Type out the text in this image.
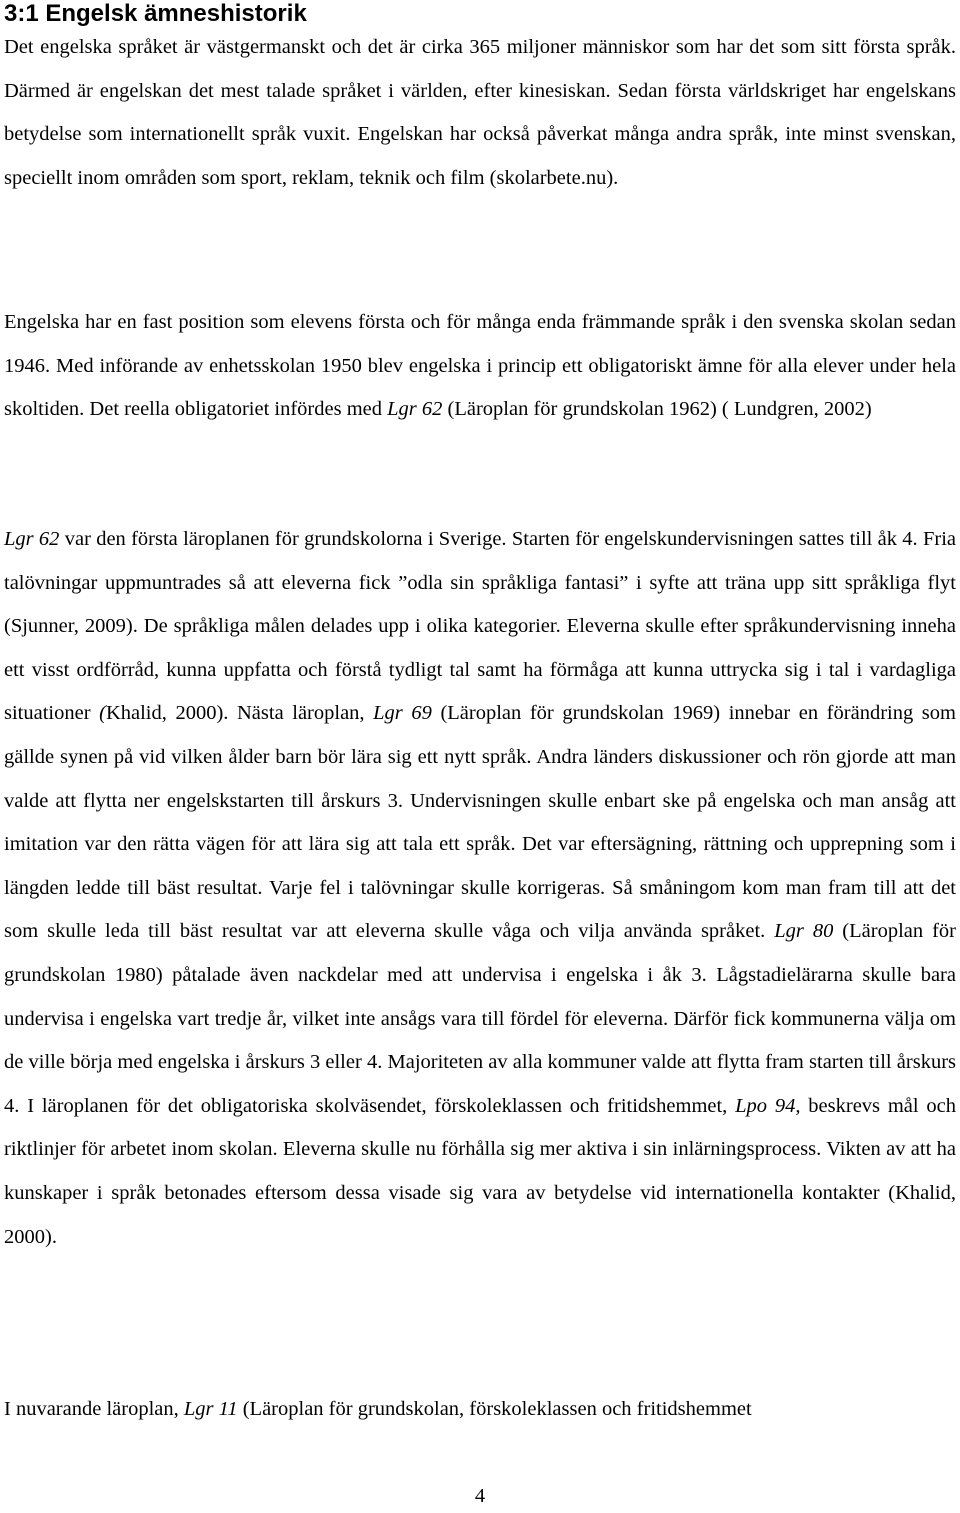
3:1 Engelsk ämneshistorik

Det engelska språket är västgermanskt och det är cirka 365 miljoner människor som har det som sitt första språk. Därmed är engelskan det mest talade språket i världen, efter kinesiskan. Sedan första världskriget har engelskans betydelse som internationellt språk vuxit. Engelskan har också påverkat många andra språk, inte minst svenskan, speciellt inom områden som sport, reklam, teknik och film (skolarbete.nu).

Engelska har en fast position som elevens första och för många enda främmande språk i den svenska skolan sedan 1946. Med införande av enhetsskolan 1950 blev engelska i princip ett obligatoriskt ämne för alla elever under hela skoltiden. Det reella obligatoriet infördes med Lgr 62 (Läroplan för grundskolan 1962) ( Lundgren, 2002)

Lgr 62 var den första läroplanen för grundskolorna i Sverige. Starten för engelskundervisningen sattes till åk 4. Fria talövningar uppmuntrades så att eleverna fick ”odla sin språkliga fantasi” i syfte att träna upp sitt språkliga flyt (Sjunner, 2009). De språkliga målen delades upp i olika kategorier. Eleverna skulle efter språkundervisning inneha ett visst ordförråd, kunna uppfatta och förstå tydligt tal samt ha förmåga att kunna uttrycka sig i tal i vardagliga situationer (Khalid, 2000). Nästa läroplan, Lgr 69 (Läroplan för grundskolan 1969) innebar en förändring som gällde synen på vid vilken ålder barn bör lära sig ett nytt språk. Andra länders diskussioner och rön gjorde att man valde att flytta ner engelskstarten till årskurs 3. Undervisningen skulle enbart ske på engelska och man ansåg att imitation var den rätta vägen för att lära sig att tala ett språk. Det var eftersägning, rättning och upprepning som i längden ledde till bäst resultat. Varje fel i talövningar skulle korrigeras. Så småningom kom man fram till att det som skulle leda till bäst resultat var att eleverna skulle våga och vilja använda språket. Lgr 80 (Läroplan för grundskolan 1980) påtalade även nackdelar med att undervisa i engelska i åk 3. Lågstadielärarna skulle bara undervisa i engelska vart tredje år, vilket inte ansågs vara till fördel för eleverna. Därför fick kommunerna välja om de ville börja med engelska i årskurs 3 eller 4. Majoriteten av alla kommuner valde att flytta fram starten till årskurs 4. I läroplanen för det obligatoriska skolväsendet, förskoleklassen och fritidshemmet, Lpo 94, beskrevs mål och riktlinjer för arbetet inom skolan. Eleverna skulle nu förhålla sig mer aktiva i sin inlärningsprocess. Vikten av att ha kunskaper i språk betonades eftersom dessa visade sig vara av betydelse vid internationella kontakter (Khalid, 2000).

I nuvarande läroplan, Lgr 11 (Läroplan för grundskolan, förskoleklassen och fritidshemmet

4
